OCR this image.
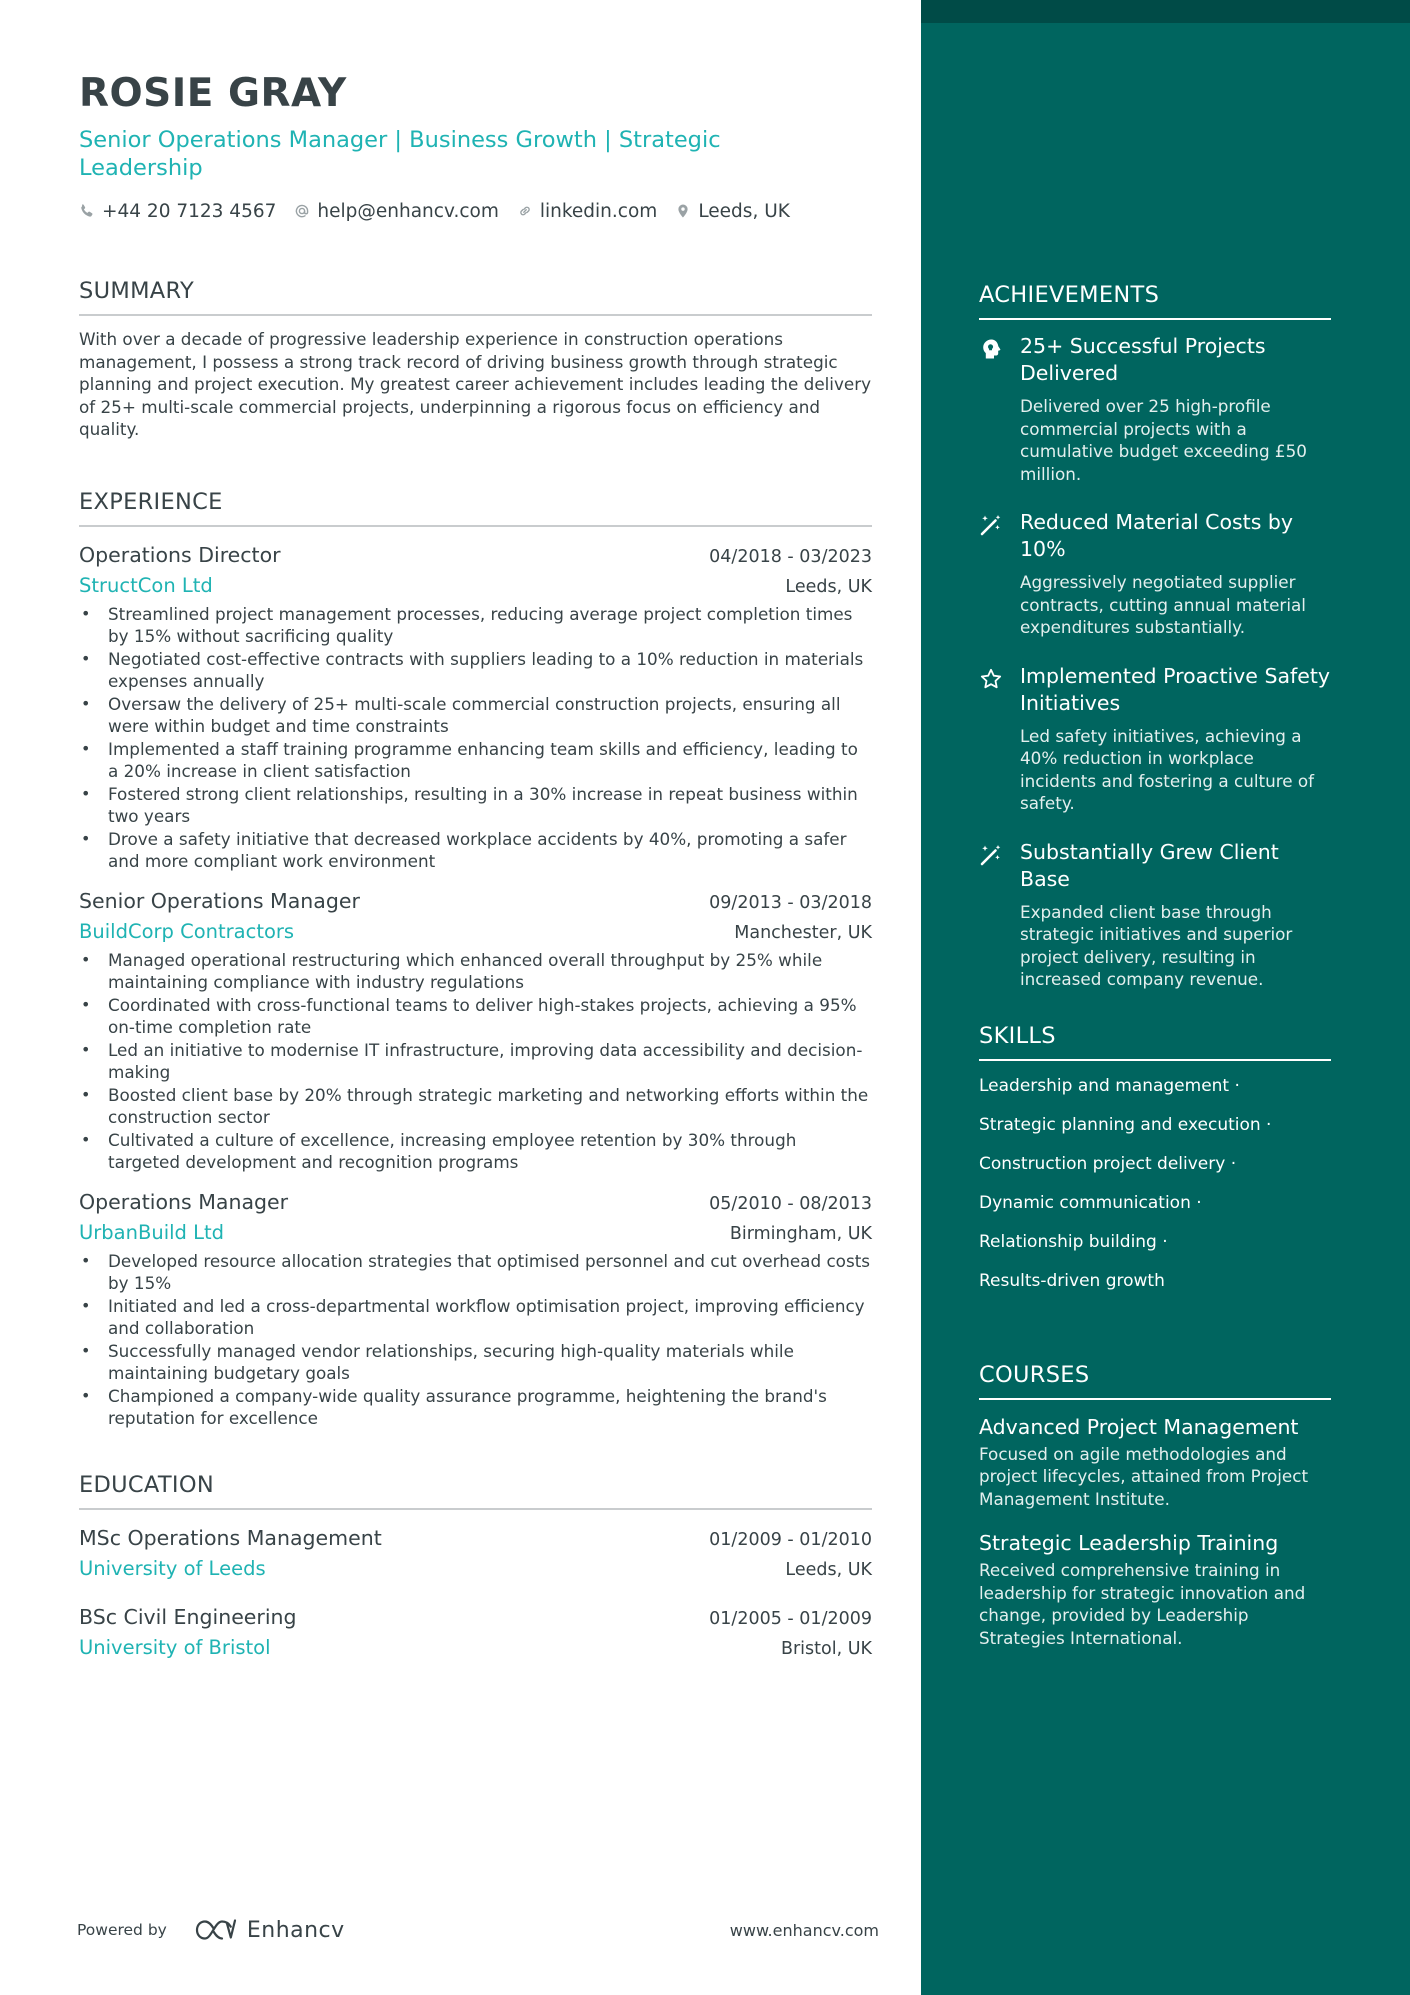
ROSIE GRAY
Senior Operations Manager | Business Growth | Strategic Leadership
+44 20 7123 4567 help@enhancv.com linkedin.com Leeds, UK
SUMMARY
With over a decade of progressive leadership experience in construction operations management, I possess a strong track record of driving business growth through strategic planning and project execution. My greatest career achievement includes leading the delivery of 25+ multi-scale commercial projects, underpinning a rigorous focus on efficiency and quality.
EXPERIENCE
Operations Director	04/2018 - 03/2023
StructCon Ltd	Leeds, UK
• Streamlined project management processes, reducing average project completion times by 15% without sacrificing quality
• Negotiated cost-effective contracts with suppliers leading to a 10% reduction in materials expenses annually
• Oversaw the delivery of 25+ multi-scale commercial construction projects, ensuring all were within budget and time constraints
• Implemented a staff training programme enhancing team skills and efficiency, leading to a 20% increase in client satisfaction
• Fostered strong client relationships, resulting in a 30% increase in repeat business within two years
• Drove a safety initiative that decreased workplace accidents by 40%, promoting a safer and more compliant work environment
Senior Operations Manager	09/2013 - 03/2018
BuildCorp Contractors	Manchester, UK
• Managed operational restructuring which enhanced overall throughput by 25% while maintaining compliance with industry regulations
• Coordinated with cross-functional teams to deliver high-stakes projects, achieving a 95% on-time completion rate
• Led an initiative to modernise IT infrastructure, improving data accessibility and decision-making
• Boosted client base by 20% through strategic marketing and networking efforts within the construction sector
• Cultivated a culture of excellence, increasing employee retention by 30% through targeted development and recognition programs
Operations Manager	05/2010 - 08/2013
UrbanBuild Ltd	Birmingham, UK
• Developed resource allocation strategies that optimised personnel and cut overhead costs by 15%
• Initiated and led a cross-departmental workflow optimisation project, improving efficiency and collaboration
• Successfully managed vendor relationships, securing high-quality materials while maintaining budgetary goals
• Championed a company-wide quality assurance programme, heightening the brand's reputation for excellence
EDUCATION
MSc Operations Management	01/2009 - 01/2010
University of Leeds	Leeds, UK
BSc Civil Engineering	01/2005 - 01/2009
University of Bristol	Bristol, UK
Powered by	Enhancv	www.enhancv.com
ACHIEVEMENTS
25+ Successful Projects Delivered
Delivered over 25 high-profile commercial projects with a cumulative budget exceeding £50 million.
Reduced Material Costs by 10%
Aggressively negotiated supplier contracts, cutting annual material expenditures substantially.
Implemented Proactive Safety Initiatives
Led safety initiatives, achieving a 40% reduction in workplace incidents and fostering a culture of safety.
Substantially Grew Client Base
Expanded client base through strategic initiatives and superior project delivery, resulting in increased company revenue.
SKILLS
Leadership and management ·
Strategic planning and execution ·
Construction project delivery ·
Dynamic communication ·
Relationship building ·
Results-driven growth
COURSES
Advanced Project Management
Focused on agile methodologies and project lifecycles, attained from Project Management Institute.
Strategic Leadership Training
Received comprehensive training in leadership for strategic innovation and change, provided by Leadership Strategies International.
